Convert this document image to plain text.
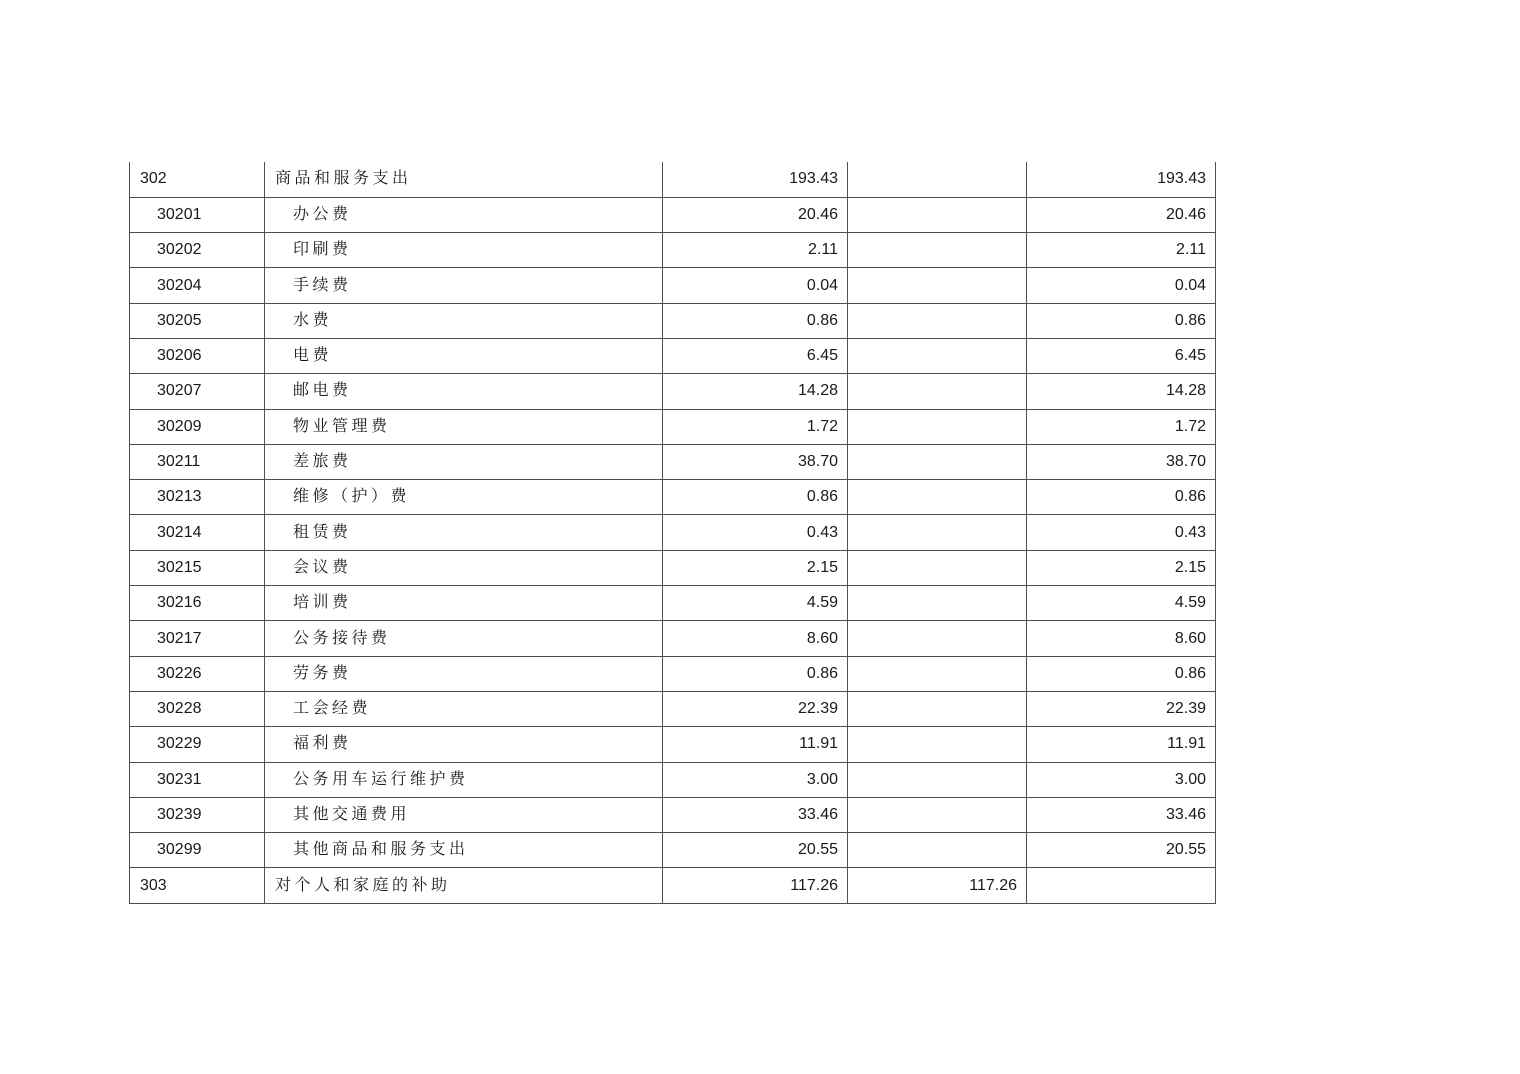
302	商品和服务支出	193.43		193.43
30201	办公费	20.46		20.46
30202	印刷费	2.11		2.11
30204	手续费	0.04		0.04
30205	水费	0.86		0.86
30206	电费	6.45		6.45
30207	邮电费	14.28		14.28
30209	物业管理费	1.72		1.72
30211	差旅费	38.70		38.70
30213	维修（护）费	0.86		0.86
30214	租赁费	0.43		0.43
30215	会议费	2.15		2.15
30216	培训费	4.59		4.59
30217	公务接待费	8.60		8.60
30226	劳务费	0.86		0.86
30228	工会经费	22.39		22.39
30229	福利费	11.91		11.91
30231	公务用车运行维护费	3.00		3.00
30239	其他交通费用	33.46		33.46
30299	其他商品和服务支出	20.55		20.55
303	对个人和家庭的补助	117.26	117.26	
